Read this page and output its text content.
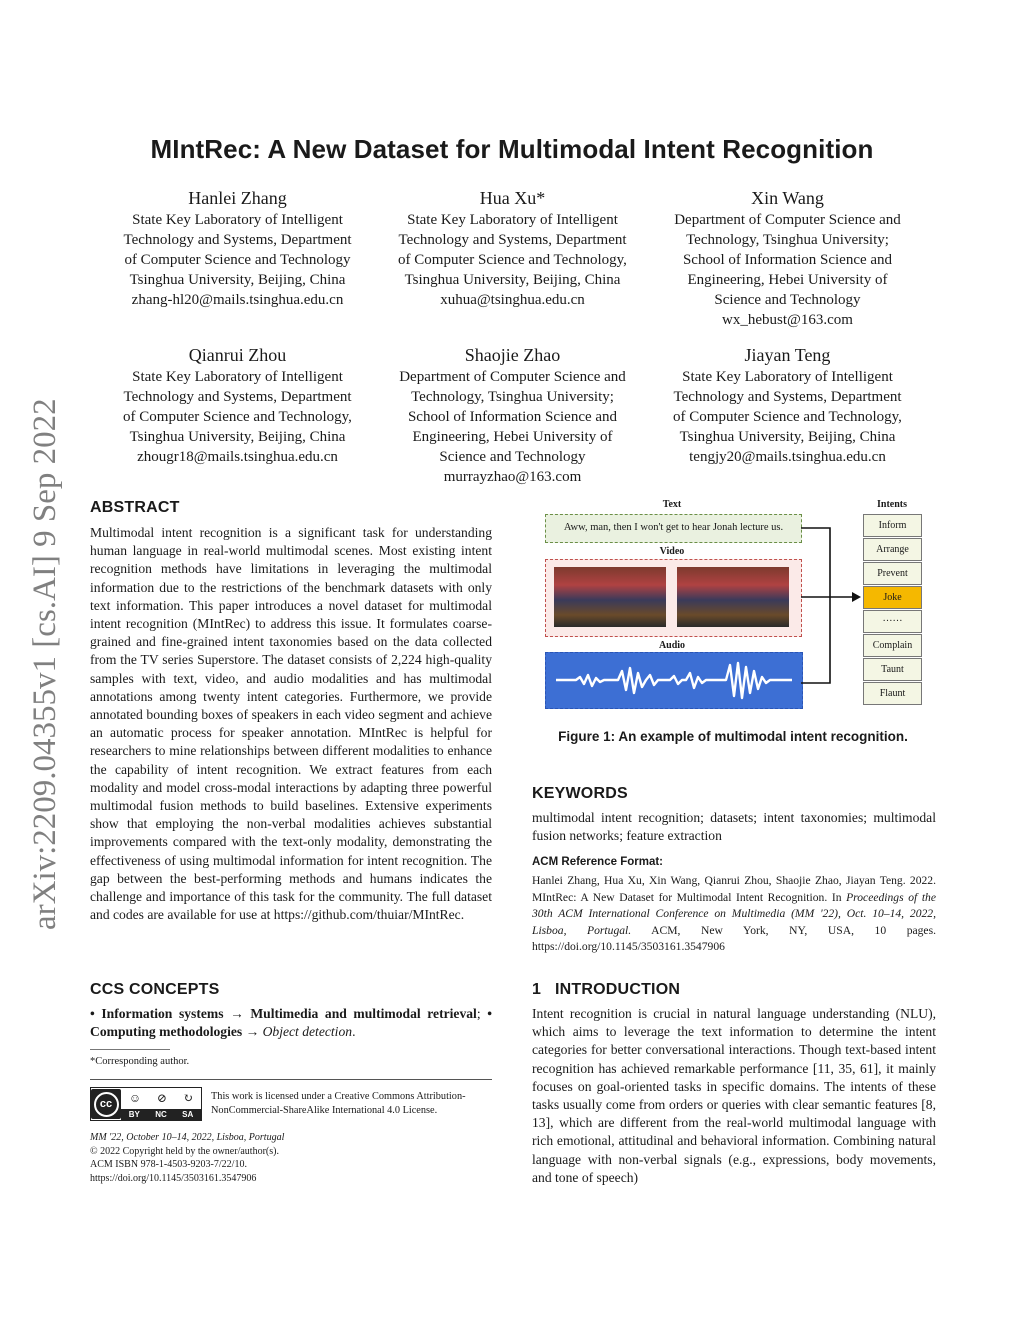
MIntRec: A New Dataset for Multimodal Intent Recognition
Hanlei Zhang
State Key Laboratory of Intelligent
Technology and Systems, Department
of Computer Science and Technology
Tsinghua University, Beijing, China
zhang-hl20@mails.tsinghua.edu.cn
Hua Xu*
State Key Laboratory of Intelligent
Technology and Systems, Department
of Computer Science and Technology,
Tsinghua University, Beijing, China
xuhua@tsinghua.edu.cn
Xin Wang
Department of Computer Science and
Technology, Tsinghua University;
School of Information Science and
Engineering, Hebei University of
Science and Technology
wx_hebust@163.com
Qianrui Zhou
State Key Laboratory of Intelligent
Technology and Systems, Department
of Computer Science and Technology,
Tsinghua University, Beijing, China
zhougr18@mails.tsinghua.edu.cn
Shaojie Zhao
Department of Computer Science and
Technology, Tsinghua University;
School of Information Science and
Engineering, Hebei University of
Science and Technology
murrayzhao@163.com
Jiayan Teng
State Key Laboratory of Intelligent
Technology and Systems, Department
of Computer Science and Technology,
Tsinghua University, Beijing, China
tengjy20@mails.tsinghua.edu.cn
arXiv:2209.04355v1 [cs.AI] 9 Sep 2022	ABSTRACT
Multimodal intent recognition is a significant task for understanding human language in real-world multimodal scenes. Most existing intent recognition methods have limitations in leveraging the multimodal information due to the restrictions of the benchmark datasets with only text information. This paper introduces a novel dataset for multimodal intent recognition (MIntRec) to address this issue. It formulates coarse-grained and fine-grained intent taxonomies based on the data collected from the TV series Superstore. The dataset consists of 2,224 high-quality samples with text, video, and audio modalities and has multimodal annotations among twenty intent categories. Furthermore, we provide annotated bounding boxes of speakers in each video segment and achieve an automatic process for speaker annotation. MIntRec is helpful for researchers to mine relationships between different modalities to enhance the capability of intent recognition. We extract features from each modality and model cross-modal interactions by adapting three powerful multimodal fusion methods to build baselines. Extensive experiments show that employing the non-verbal modalities achieves substantial improvements compared with the text-only modality, demonstrating the effectiveness of using multimodal information for intent recognition. The gap between the best-performing methods and humans indicates the challenge and importance of this task for the community. The full dataset and codes are available for use at https://github.com/thuiar/MIntRec.
CCS CONCEPTS
• Information systems → Multimedia and multimodal retrieval; • Computing methodologies → Object detection.
*Corresponding author.
cc	☺ ⊘ ↻
BY NC SA
This work is licensed under a Creative Commons Attribution-
NonCommercial-ShareAlike International 4.0 License.
MM '22, October 10–14, 2022, Lisboa, Portugal
© 2022 Copyright held by the owner/author(s).
ACM ISBN 978-1-4503-9203-7/22/10.
https://doi.org/10.1145/3503161.3547906
Text
Aww, man, then I won't get to hear Jonah lecture us.
Video
Audio
Intents
Inform
Arrange
Prevent
Joke
……
Complain
Taunt
Flaunt
Figure 1: An example of multimodal intent recognition.
KEYWORDS
multimodal intent recognition; datasets; intent taxonomies; multimodal fusion networks; feature extraction
ACM Reference Format:
Hanlei Zhang, Hua Xu, Xin Wang, Qianrui Zhou, Shaojie Zhao, Jiayan Teng. 2022. MIntRec: A New Dataset for Multimodal Intent Recognition. In Proceedings of the 30th ACM International Conference on Multimedia (MM '22), Oct. 10–14, 2022, Lisboa, Portugal. ACM, New York, NY, USA, 10 pages. https://doi.org/10.1145/3503161.3547906
1   INTRODUCTION
Intent recognition is crucial in natural language understanding (NLU), which aims to leverage the text information to determine the intent categories for better conversational interactions. Though text-based intent recognition has achieved remarkable performance [11, 35, 61], it mainly focuses on goal-oriented tasks in specific domains. The intents of these tasks usually come from orders or queries with clear semantic features [8, 13], which are different from the real-world multimodal language with rich emotional, attitudinal and behavioral information. Combining natural language with non-verbal signals (e.g., expressions, body movements, and tone of speech)
